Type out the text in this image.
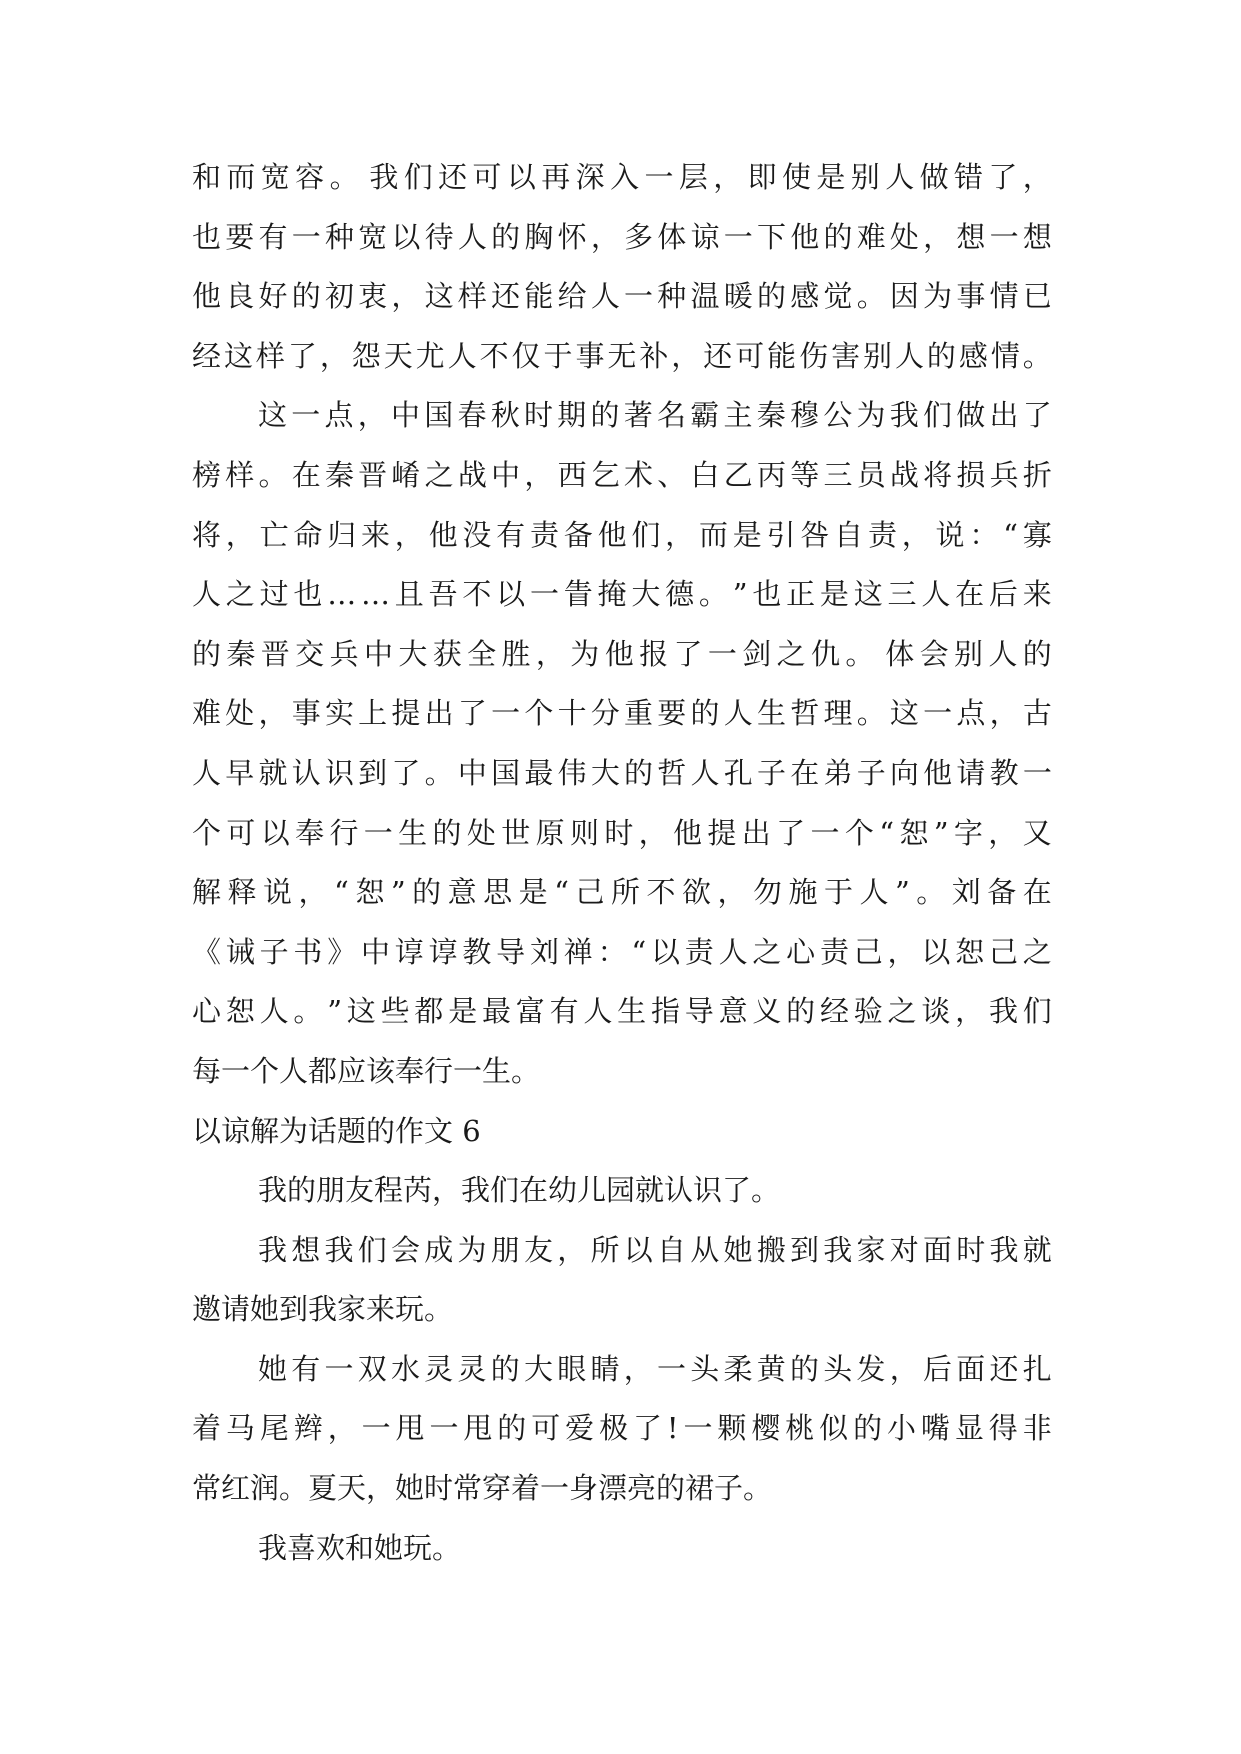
和 而 宽 容 。 我 们 还 可 以 再 深 入 一 层 ， 即 使 是 别 人 做 错 了 ，
也 要 有 一 种 宽 以 待 人 的 胸 怀 ， 多 体 谅 一 下 他 的 难 处 ， 想 一 想
他 良 好 的 初 衷 ， 这 样 还 能 给 人 一 种 温 暖 的 感 觉 。 因 为 事 情 已
经 这 样 了 ， 怨 天 尤 人 不 仅 于 事 无 补 ， 还 可 能 伤 害 别 人 的 感 情 。
这 一 点 ， 中 国 春 秋 时 期 的 著 名 霸 主 秦 穆 公 为 我 们 做 出 了
榜 样 。 在 秦 晋 崤 之 战 中 ， 西 乞 术 、 白 乙 丙 等 三 员 战 将 损 兵 折
将 ， 亡 命 归 来 ， 他 没 有 责 备 他 们 ， 而 是 引 咎 自 责 ， 说 ： “ 寡
人 之 过 也 … … 且 吾 不 以 一 眚 掩 大 德 。 ” 也 正 是 这 三 人 在 后 来
的 秦 晋 交 兵 中 大 获 全 胜 ， 为 他 报 了 一 剑 之 仇 。 体 会 别 人 的
难 处 ， 事 实 上 提 出 了 一 个 十 分 重 要 的 人 生 哲 理 。 这 一 点 ， 古
人 早 就 认 识 到 了 。 中 国 最 伟 大 的 哲 人 孔 子 在 弟 子 向 他 请 教 一
个 可 以 奉 行 一 生 的 处 世 原 则 时 ， 他 提 出 了 一 个 “ 恕 ” 字 ， 又
解 释 说 ， “ 恕 ” 的 意 思 是 “ 己 所 不 欲 ， 勿 施 于 人 ” 。 刘 备 在
《 诫 子 书 》 中 谆 谆 教 导 刘 禅 ： “ 以 责 人 之 心 责 己 ， 以 恕 己 之
心 恕 人 。 ” 这 些 都 是 最 富 有 人 生 指 导 意 义 的 经 验 之 谈 ， 我 们
每一个人都应该奉行一生。
以谅解为话题的作文 6
我的朋友程芮，我们在幼儿园就认识了。
我 想 我 们 会 成 为 朋 友 ， 所 以 自 从 她 搬 到 我 家 对 面 时 我 就
邀请她到我家来玩。
她 有 一 双 水 灵 灵 的 大 眼 睛 ， 一 头 柔 黄 的 头 发 ， 后 面 还 扎
着 马 尾 辫 ， 一 甩 一 甩 的 可 爱 极 了 ! 一 颗 樱 桃 似 的 小 嘴 显 得 非
常红润。夏天，她时常穿着一身漂亮的裙子。
我喜欢和她玩。
